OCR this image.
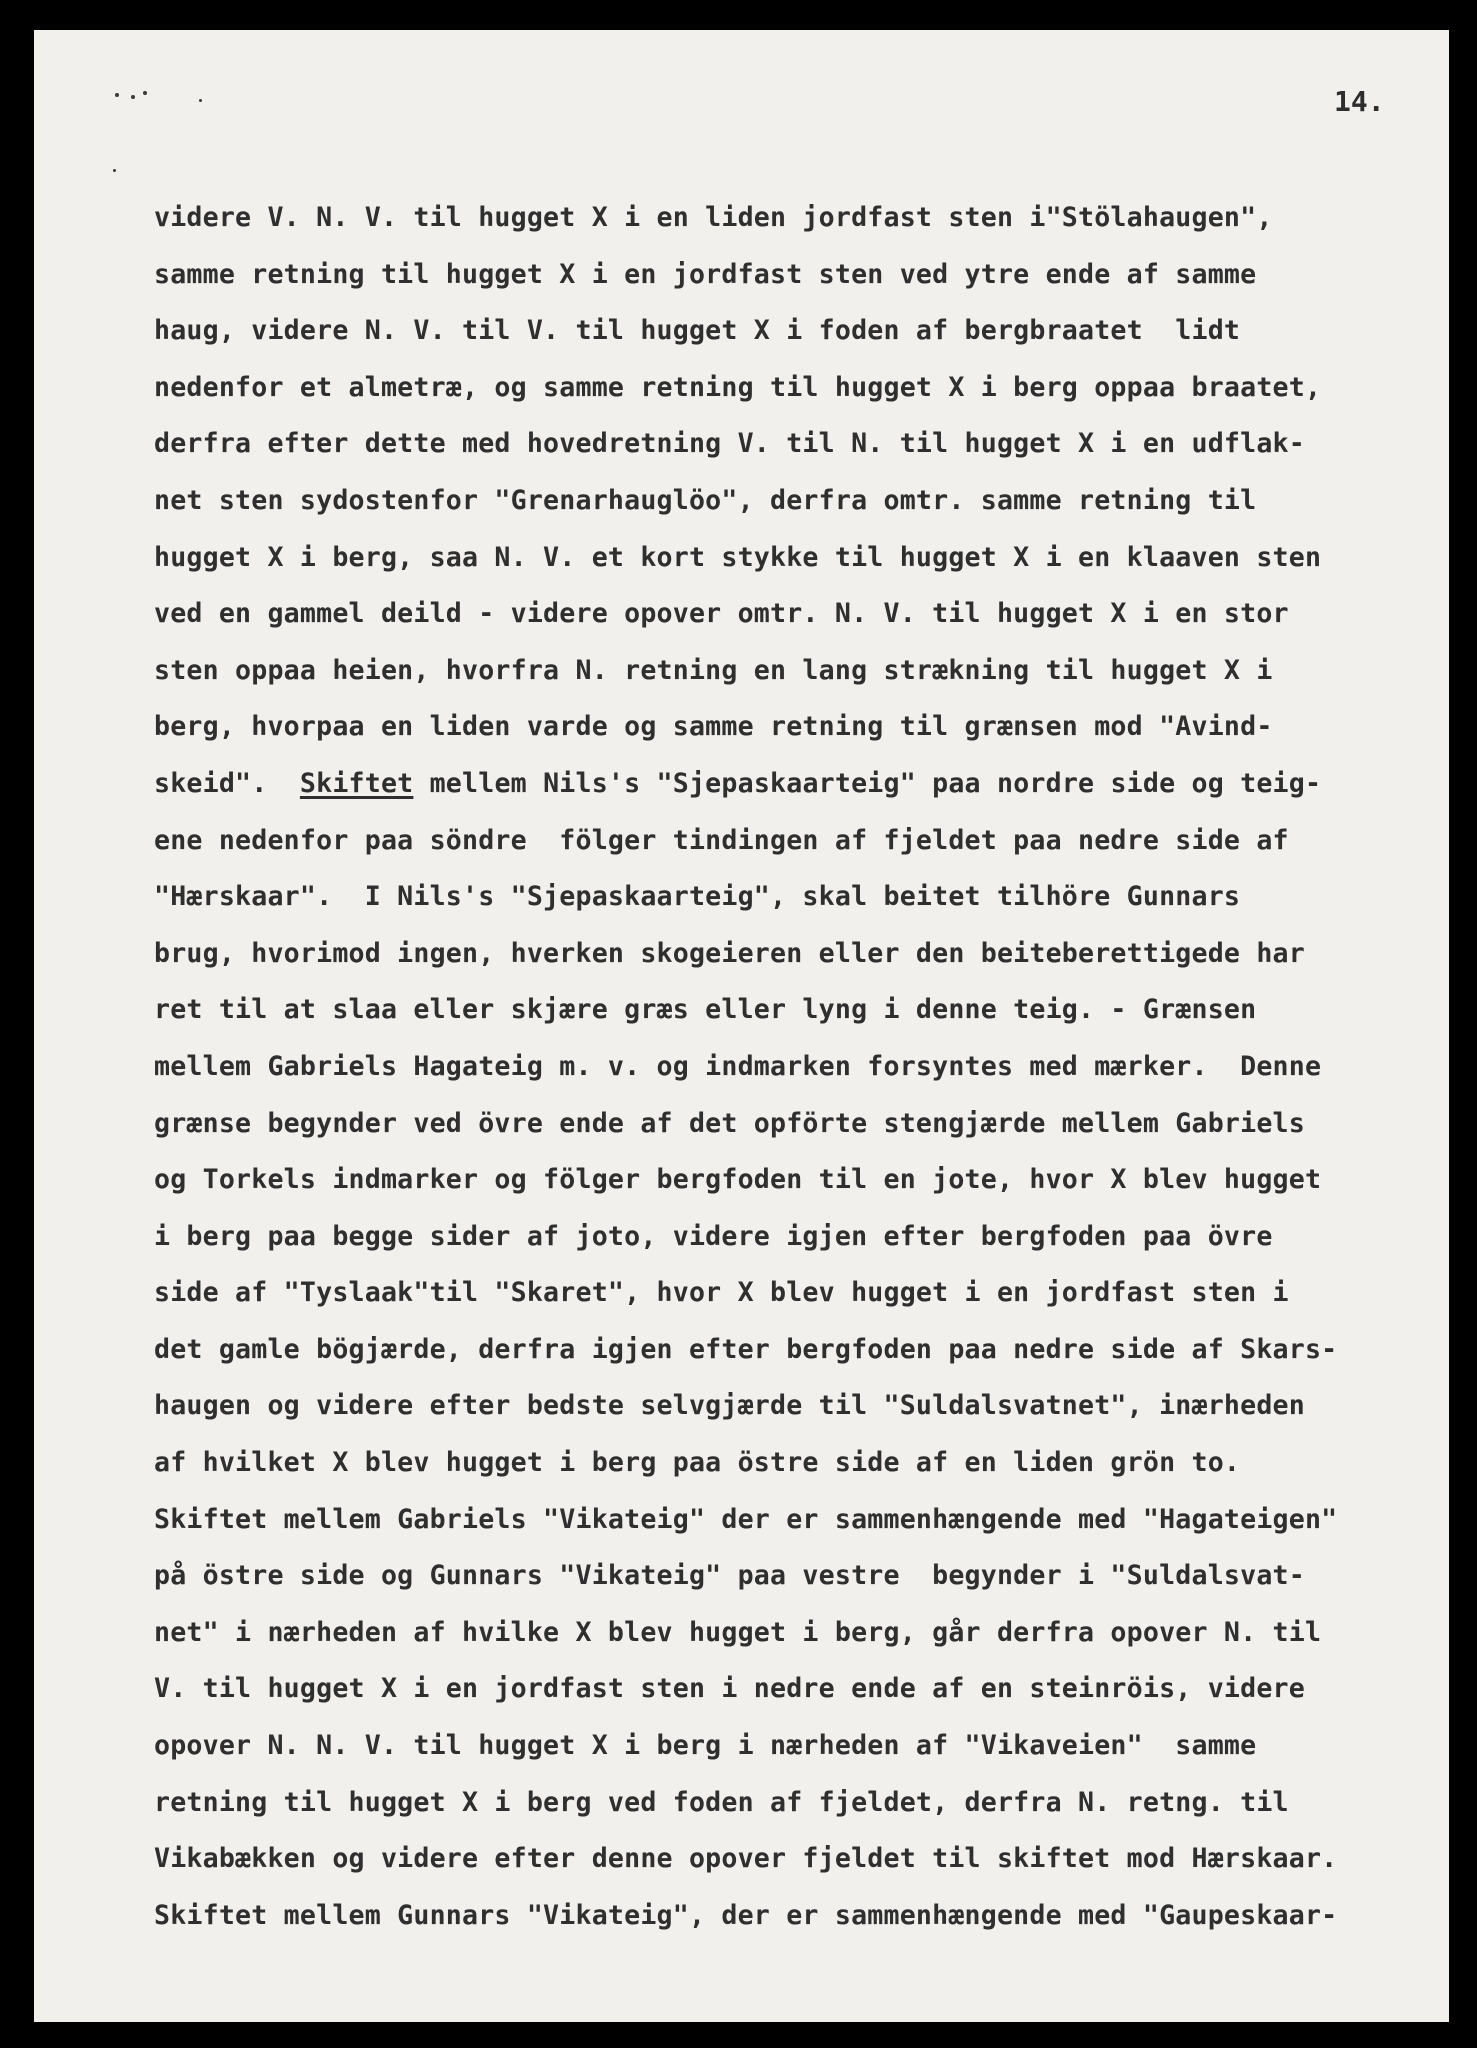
14.
videre V. N. V. til hugget X i en liden jordfast sten i"Stölahaugen",
samme retning til hugget X i en jordfast sten ved ytre ende af samme
haug, videre N. V. til V. til hugget X i foden af bergbraatet  lidt
nedenfor et almetræ, og samme retning til hugget X i berg oppaa braatet,
derfra efter dette med hovedretning V. til N. til hugget X i en udflak-
net sten sydostenfor "Grenarhauglöo", derfra omtr. samme retning til
hugget X i berg, saa N. V. et kort stykke til hugget X i en klaaven sten
ved en gammel deild - videre opover omtr. N. V. til hugget X i en stor
sten oppaa heien, hvorfra N. retning en lang strækning til hugget X i
berg, hvorpaa en liden varde og samme retning til grænsen mod "Avind-
skeid".  Skiftet mellem Nils's "Sjepaskaarteig" paa nordre side og teig-
ene nedenfor paa söndre  fölger tindingen af fjeldet paa nedre side af
"Hærskaar".  I Nils's "Sjepaskaarteig", skal beitet tilhöre Gunnars
brug, hvorimod ingen, hverken skogeieren eller den beiteberettigede har
ret til at slaa eller skjære græs eller lyng i denne teig. - Grænsen
mellem Gabriels Hagateig m. v. og indmarken forsyntes med mærker.  Denne
grænse begynder ved övre ende af det opförte stengjærde mellem Gabriels
og Torkels indmarker og fölger bergfoden til en jote, hvor X blev hugget
i berg paa begge sider af joto, videre igjen efter bergfoden paa övre
side af "Tyslaak"til "Skaret", hvor X blev hugget i en jordfast sten i
det gamle bögjærde, derfra igjen efter bergfoden paa nedre side af Skars-
haugen og videre efter bedste selvgjærde til "Suldalsvatnet", inærheden
af hvilket X blev hugget i berg paa östre side af en liden grön to.
Skiftet mellem Gabriels "Vikateig" der er sammenhængende med "Hagateigen"
på östre side og Gunnars "Vikateig" paa vestre  begynder i "Suldalsvat-
net" i nærheden af hvilke X blev hugget i berg, går derfra opover N. til
V. til hugget X i en jordfast sten i nedre ende af en steinröis, videre
opover N. N. V. til hugget X i berg i nærheden af "Vikaveien"  samme
retning til hugget X i berg ved foden af fjeldet, derfra N. retng. til
Vikabækken og videre efter denne opover fjeldet til skiftet mod Hærskaar.
Skiftet mellem Gunnars "Vikateig", der er sammenhængende med "Gaupeskaar-
